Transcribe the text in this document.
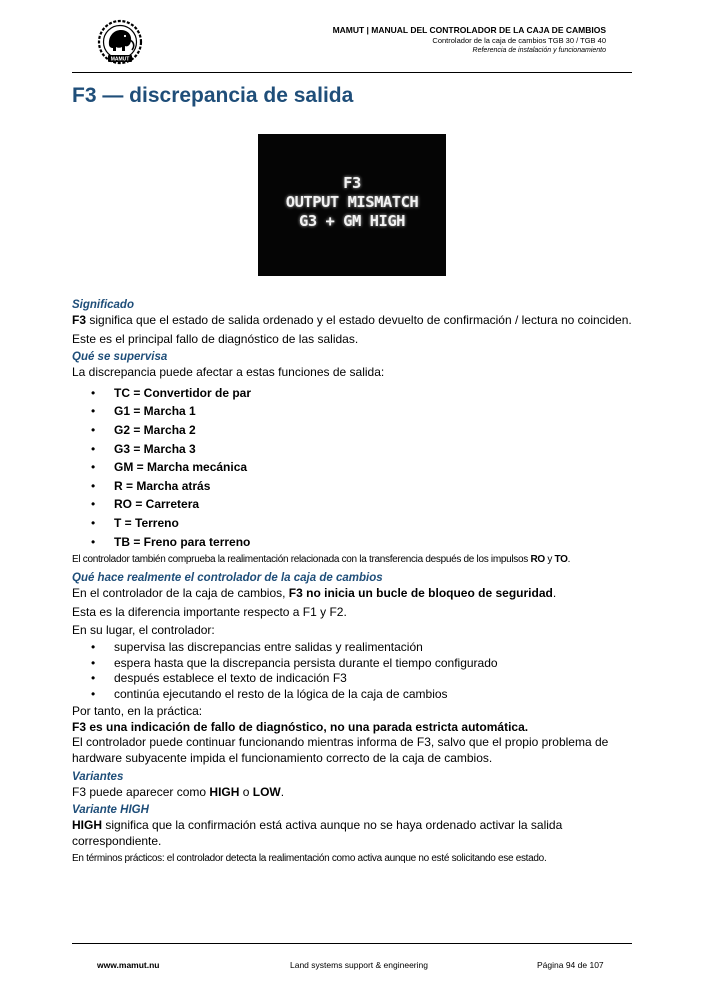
MAMUT
MAMUT | MANUAL DEL CONTROLADOR DE LA CAJA DE CAMBIOS
Controlador de la caja de cambios TGB 30 / TGB 40
Referencia de instalación y funcionamiento
F3 — discrepancia de salida
F3
OUTPUT MISMATCH
G3 + GM HIGH
Significado

F3 significa que el estado de salida ordenado y el estado devuelto de confirmación / lectura no coinciden.

Este es el principal fallo de diagnóstico de las salidas.

Qué se supervisa

La discrepancia puede afectar a estas funciones de salida:

• TC = Convertidor de par
• G1 = Marcha 1
• G2 = Marcha 2
• G3 = Marcha 3
• GM = Marcha mecánica
• R = Marcha atrás
• RO = Carretera
• T = Terreno
• TB = Freno para terreno

El controlador también comprueba la realimentación relacionada con la transferencia después de los impulsos RO y TO.

Qué hace realmente el controlador de la caja de cambios

En el controlador de la caja de cambios, F3 no inicia un bucle de bloqueo de seguridad.

Esta es la diferencia importante respecto a F1 y F2.

En su lugar, el controlador:

• supervisa las discrepancias entre salidas y realimentación
• espera hasta que la discrepancia persista durante el tiempo configurado
• después establece el texto de indicación F3
• continúa ejecutando el resto de la lógica de la caja de cambios

Por tanto, en la práctica:

F3 es una indicación de fallo de diagnóstico, no una parada estricta automática.

El controlador puede continuar funcionando mientras informa de F3, salvo que el propio problema de hardware subyacente impida el funcionamiento correcto de la caja de cambios.

Variantes

F3 puede aparecer como HIGH o LOW.

Variante HIGH

HIGH significa que la confirmación está activa aunque no se haya ordenado activar la salida correspondiente.

En términos prácticos: el controlador detecta la realimentación como activa aunque no esté solicitando ese estado.

www.mamut.nu	Land systems support & engineering	Página 94 de 107
